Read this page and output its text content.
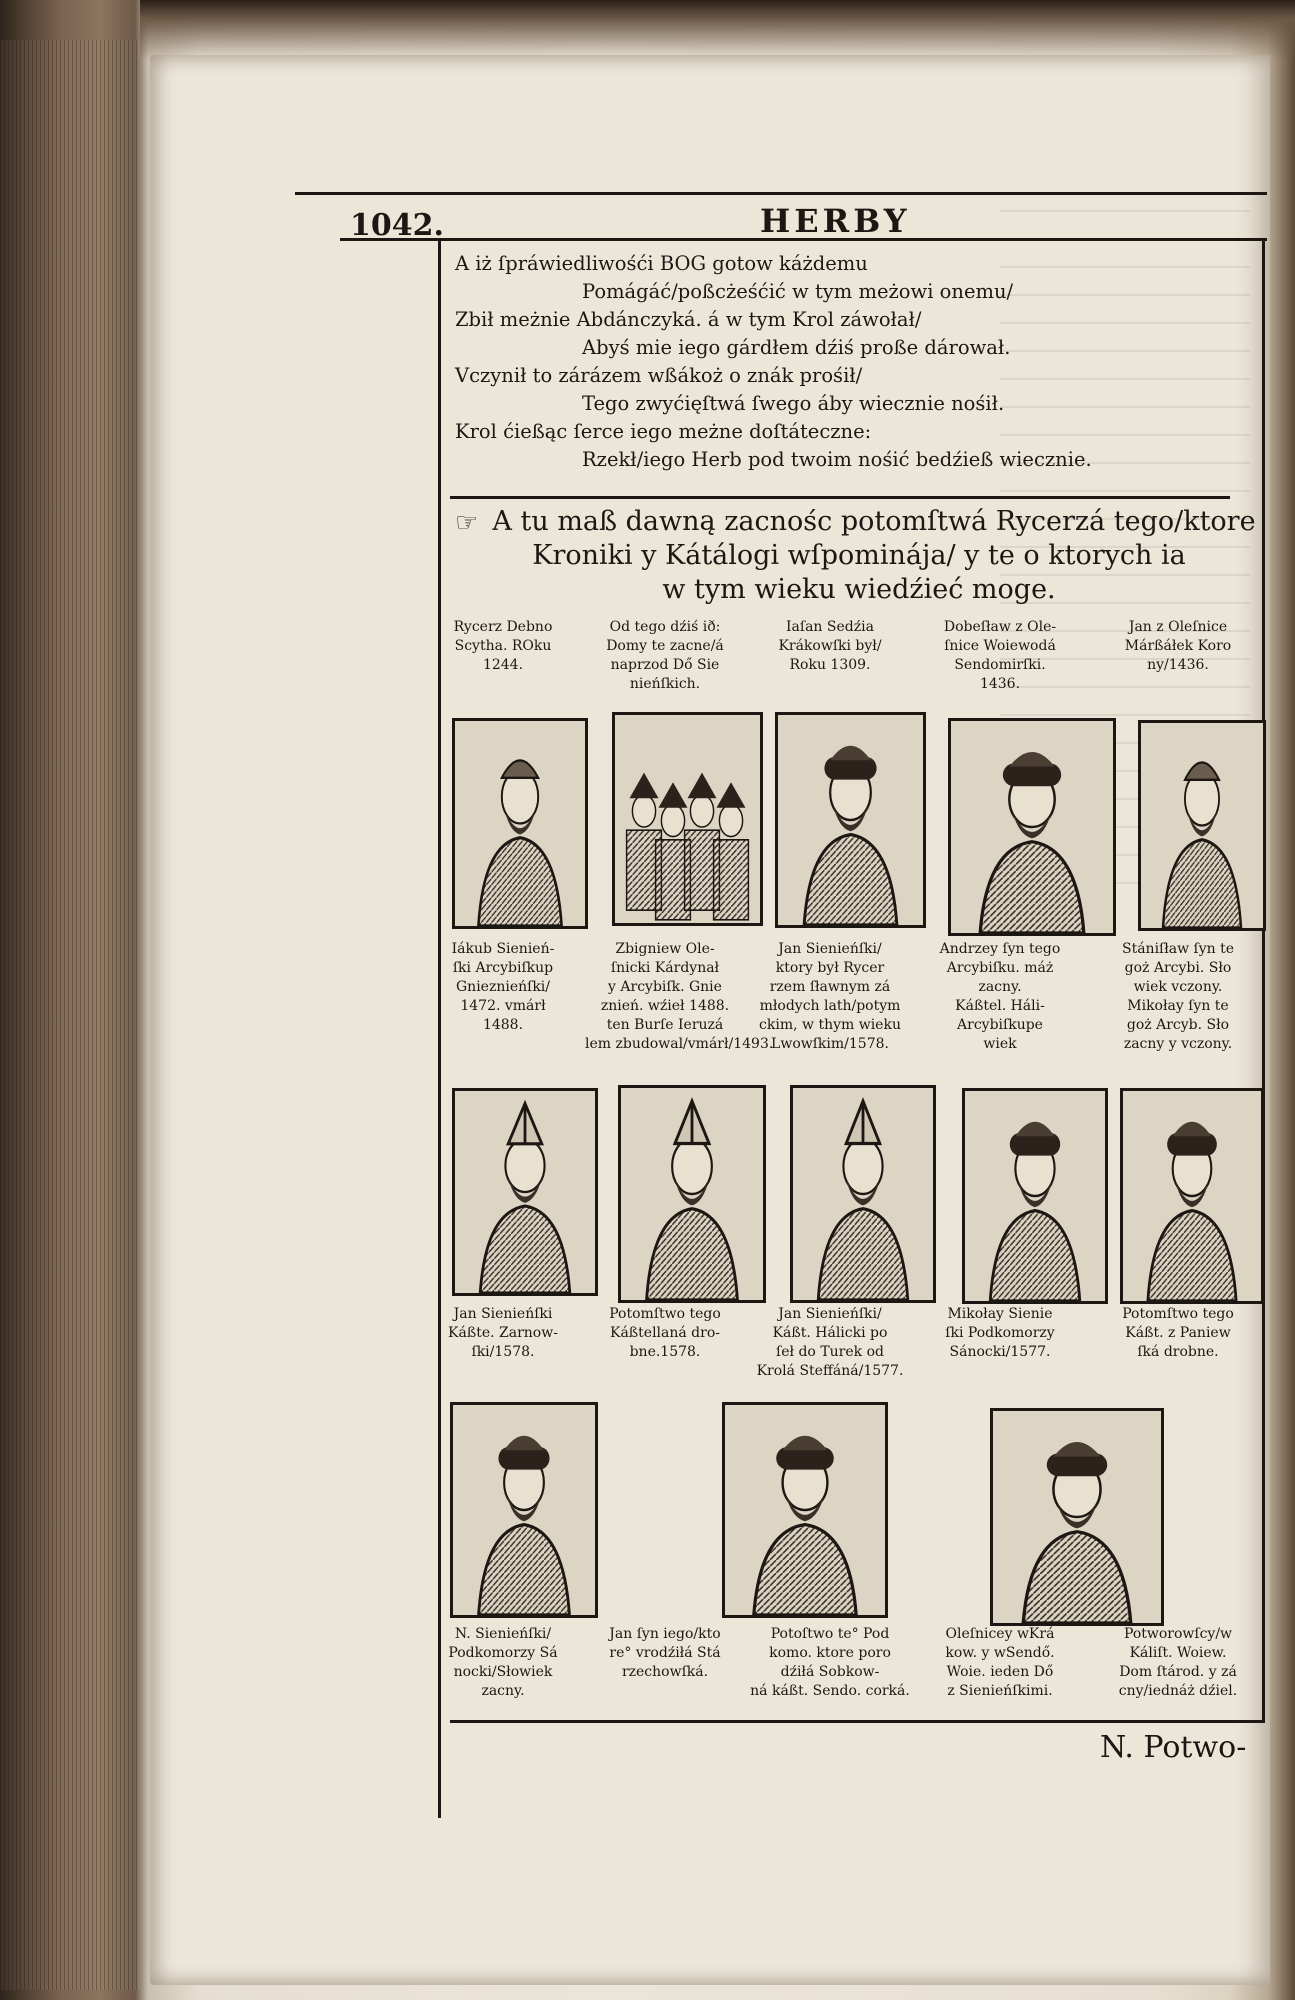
1042.	HERBY
A iż ſpráwiedliwośći BOG gotow káżdemu
Pomágáć/poßcżeśćić w tym meżowi onemu/
Zbił meżnie Abdánczyká. á w tym Krol záwołał/
Abyś mie iego gárdłem dźiś proße dárował.
Vczynił to zárázem wßákoż o znák prośił/
Tego zwyćięſtwá ſwego áby wiecznie nośił.
Krol ćießąc ſerce iego meżne doſtáteczne:
Rzekł/iego Herb pod twoim nośić bedźieß wiecznie.
☞ A tu maß dawną zacnośc potomſtwá Rycerzá tego/ktore
Kroniki y Kátálogi wſpominája/ y te o ktorych ia
w tym wieku wiedźieć moge.
Rycerz Debno
Scytha. ROku
1244.
Od tego dźiś ið:
Domy te zacne/á
naprzod Dő Sie
nieńſkich.
Iaſan Sedźia
Krákowſki był/
Roku 1309.
Dobeſław z Ole-
ſnice Woiewodá
Sendomirſki.
1436.
Jan z Oleſnice
Márßáłek Koro
ny/1436.
Iákub Sienień-
ſki Arcybiſkup
Gnieznieńſki/
1472. vmárł
1488.
Zbigniew Ole-
ſnicki Kárdynał
y Arcybiſk. Gnie
znień. wźieł 1488.
ten Burſe Ieruzá
lem zbudowal/vmárł/1493.
Jan Sienieńſki/
ktory był Rycer
rzem ſławnym zá
młodych lath/potym
ckim, w thym wieku
Lwowſkim/1578.
Andrzey ſyn tego
Arcybiſku. máż
zacny.
Káßtel. Háli-
Arcybiſkupe
wiek
Stániſław ſyn te
goż Arcybi. Sło
wiek vczony.
Mikołay ſyn te
goż Arcyb. Sło
zacny y vczony.
Jan Sienieńſki
Káßte. Zarnow-
ſki/1578.
Potomſtwo tego
Káßtellaná dro-
bne.1578.
Jan Sienieńſki/
Káßt. Hálicki po
ſeł do Turek od
Krolá Steffáná/1577.
Mikołay Sienie
ſki Podkomorzy
Sánocki/1577.
Potomſtwo tego
Káßt. z Paniew
ſká drobne.
N. Sienieńſki/
Podkomorzy Sá
nocki/Słowiek
zacny.
Jan ſyn iego/kto
re° vrodźiłá Stá
rzechowſká.
Potoſtwo te° Pod
komo. ktore poro
dźiłá Sobkow-
ná káßt. Sendo. corká.
Oleſnicey wKrá
kow. y wSendő.
Woie. ieden Dő
z Sienieńſkimi.
Potworowſcy/w
Káliſt. Woiew.
Dom ſtárod. y zá
cny/iednáż dźiel.
N. Potwo-
